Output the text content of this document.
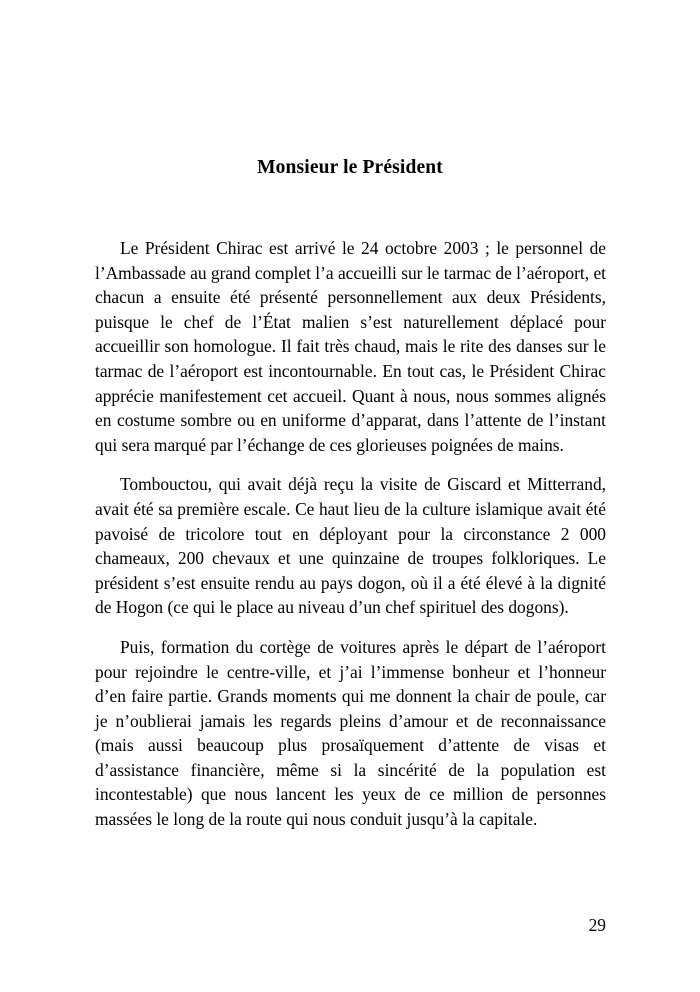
Monsieur le Président

Le Président Chirac est arrivé le 24 octobre 2003 ; le personnel de l’Ambassade au grand complet l’a accueilli sur le tarmac de l’aéroport, et chacun a ensuite été présenté personnellement aux deux Présidents, puisque le chef de l’État malien s’est naturellement déplacé pour accueillir son homologue. Il fait très chaud, mais le rite des danses sur le tarmac de l’aéroport est incontournable. En tout cas, le Président Chirac apprécie manifestement cet accueil. Quant à nous, nous sommes alignés en costume sombre ou en uniforme d’apparat, dans l’attente de l’instant qui sera marqué par l’échange de ces glorieuses poignées de mains.

Tombouctou, qui avait déjà reçu la visite de Giscard et Mitterrand, avait été sa première escale. Ce haut lieu de la culture islamique avait été pavoisé de tricolore tout en déployant pour la circonstance 2 000 chameaux, 200 chevaux et une quinzaine de troupes folkloriques. Le président s’est ensuite rendu au pays dogon, où il a été élevé à la dignité de Hogon (ce qui le place au niveau d’un chef spirituel des dogons).

Puis, formation du cortège de voitures après le départ de l’aéroport pour rejoindre le centre-ville, et j’ai l’immense bonheur et l’honneur d’en faire partie. Grands moments qui me donnent la chair de poule, car je n’oublierai jamais les regards pleins d’amour et de reconnaissance (mais aussi beaucoup plus prosaïquement d’attente de visas et d’assistance financière, même si la sincérité de la population est incontestable) que nous lancent les yeux de ce million de personnes massées le long de la route qui nous conduit jusqu’à la capitale.

29
